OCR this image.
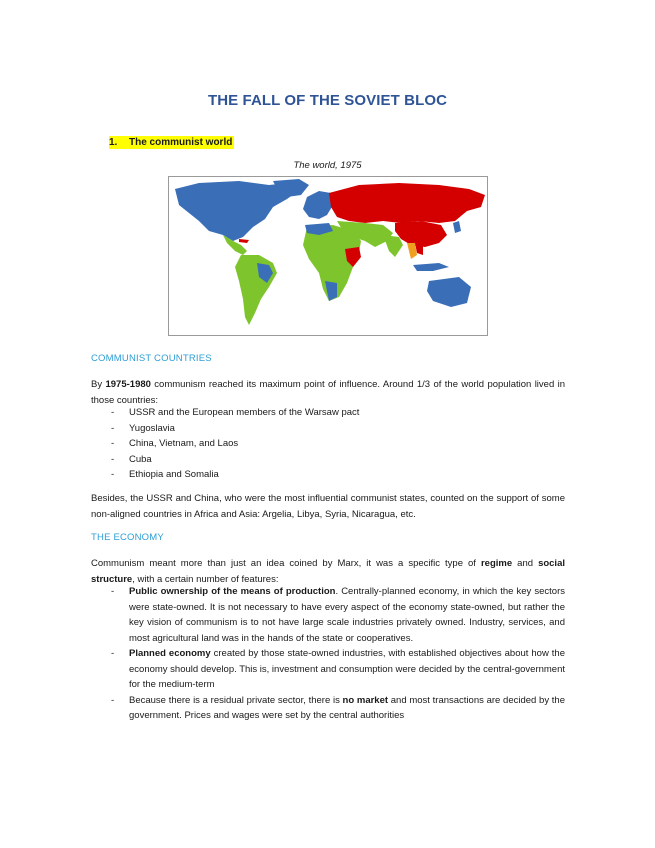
THE FALL OF THE SOVIET BLOC
1. The communist world
The world, 1975
COMMUNIST COUNTRIES
By 1975-1980 communism reached its maximum point of influence. Around 1/3 of the world population lived in those countries:
- USSR and the European members of the Warsaw pact
- Yugoslavia
- China, Vietnam, and Laos
- Cuba
- Ethiopia and Somalia
Besides, the USSR and China, who were the most influential communist states, counted on the support of some non-aligned countries in Africa and Asia: Argelia, Libya, Syria, Nicaragua, etc.
THE ECONOMY
Communism meant more than just an idea coined by Marx, it was a specific type of regime and social structure, with a certain number of features:
- Public ownership of the means of production. Centrally-planned economy, in which the key sectors were state-owned. It is not necessary to have every aspect of the economy state-owned, but rather the key vision of communism is to not have large scale industries privately owned. Industry, services, and most agricultural land was in the hands of the state or cooperatives.
- Planned economy created by those state-owned industries, with established objectives about how the economy should develop. This is, investment and consumption were decided by the central-government for the medium-term
- Because there is a residual private sector, there is no market and most transactions are decided by the government. Prices and wages were set by the central authorities
